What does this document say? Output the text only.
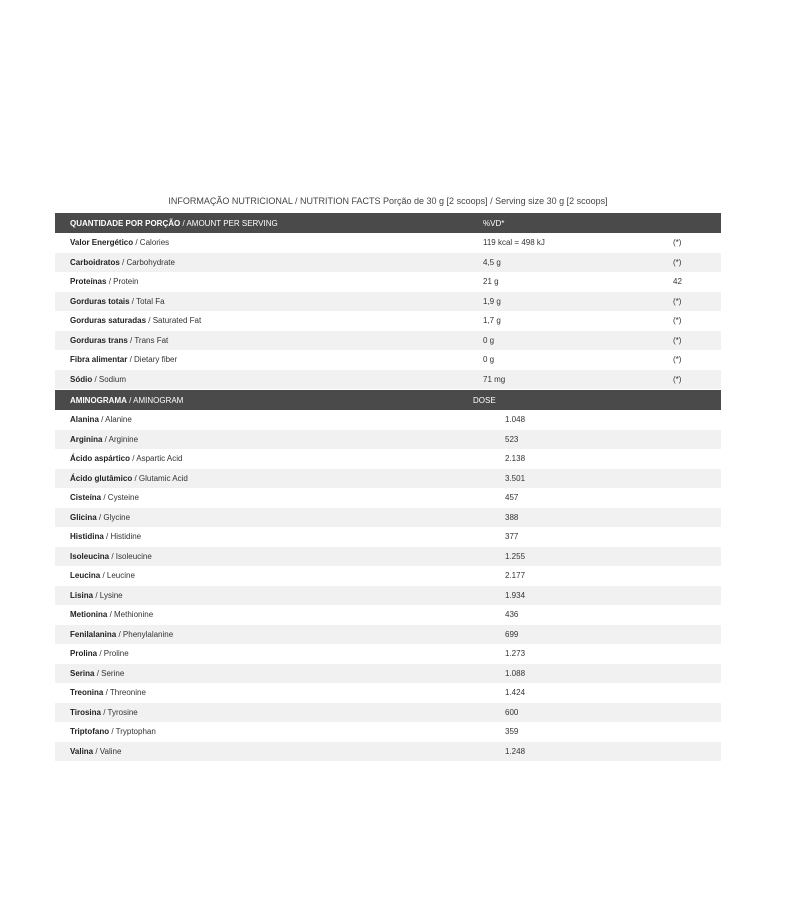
INFORMAÇÃO NUTRICIONAL / NUTRITION FACTS Porção de 30 g [2 scoops] / Serving size 30 g [2 scoops]
QUANTIDADE POR PORÇÃO / AMOUNT PER SERVING	%VD*
Valor Energético / Calories	119 kcal = 498 kJ	(*)
Carboidratos / Carbohydrate	4,5 g	(*)
Proteínas / Protein	21 g	42
Gorduras totais / Total Fa	1,9 g	(*)
Gorduras saturadas / Saturated Fat	1,7 g	(*)
Gorduras trans / Trans Fat	0 g	(*)
Fibra alimentar / Dietary fiber	0 g	(*)
Sódio / Sodium	71 mg	(*)
AMINOGRAMA / AMINOGRAM	DOSE
Alanina / Alanine	1.048
Arginina / Arginine	523
Ácido aspártico / Aspartic Acid	2.138
Ácido glutâmico / Glutamic Acid	3.501
Cisteína / Cysteine	457
Glicina / Glycine	388
Histidina / Histidine	377
Isoleucina / Isoleucine	1.255
Leucina / Leucine	2.177
Lisina / Lysine	1.934
Metionina / Methionine	436
Fenilalanina / Phenylalanine	699
Prolina / Proline	1.273
Serina / Serine	1.088
Treonina / Threonine	1.424
Tirosina / Tyrosine	600
Triptofano / Tryptophan	359
Valina / Valine	1.248
